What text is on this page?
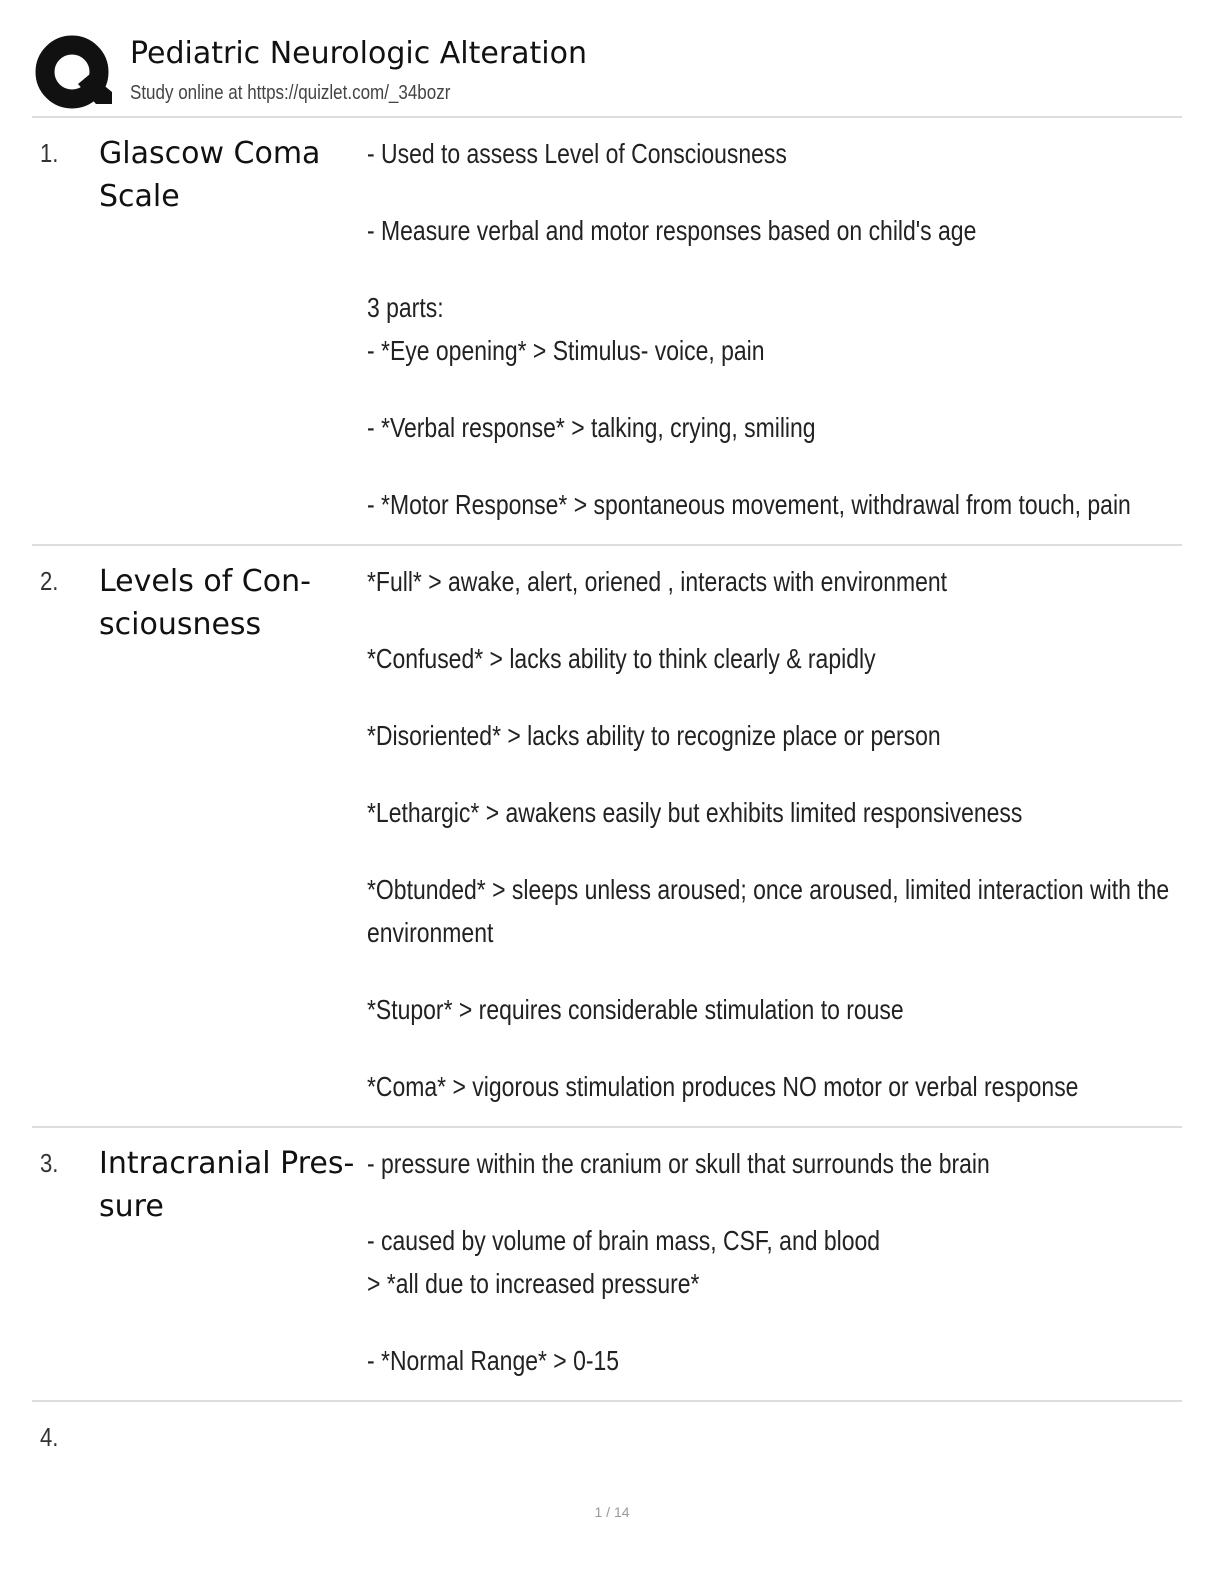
Pediatric Neurologic Alteration
Study online at https://quizlet.com/_34bozr
1. Glascow Coma Scale

- Used to assess Level of Consciousness

- Measure verbal and motor responses based on child's age

3 parts:
- *Eye opening* > Stimulus- voice, pain

- *Verbal response* > talking, crying, smiling

- *Motor Response* > spontaneous movement, withdrawal from touch, pain

2. Levels of Con- sciousness

*Full* > awake, alert, oriened , interacts with environment

*Confused* > lacks ability to think clearly & rapidly

*Disoriented* > lacks ability to recognize place or person

*Lethargic* > awakens easily but exhibits limited responsiveness

*Obtunded* > sleeps unless aroused; once aroused, limited interaction with the
environment

*Stupor* > requires considerable stimulation to rouse

*Coma* > vigorous stimulation produces NO motor or verbal response

3. Intracranial Pres- sure

- pressure within the cranium or skull that surrounds the brain

- caused by volume of brain mass, CSF, and blood
> *all due to increased pressure*

- *Normal Range* > 0-15

4.
1 / 14
